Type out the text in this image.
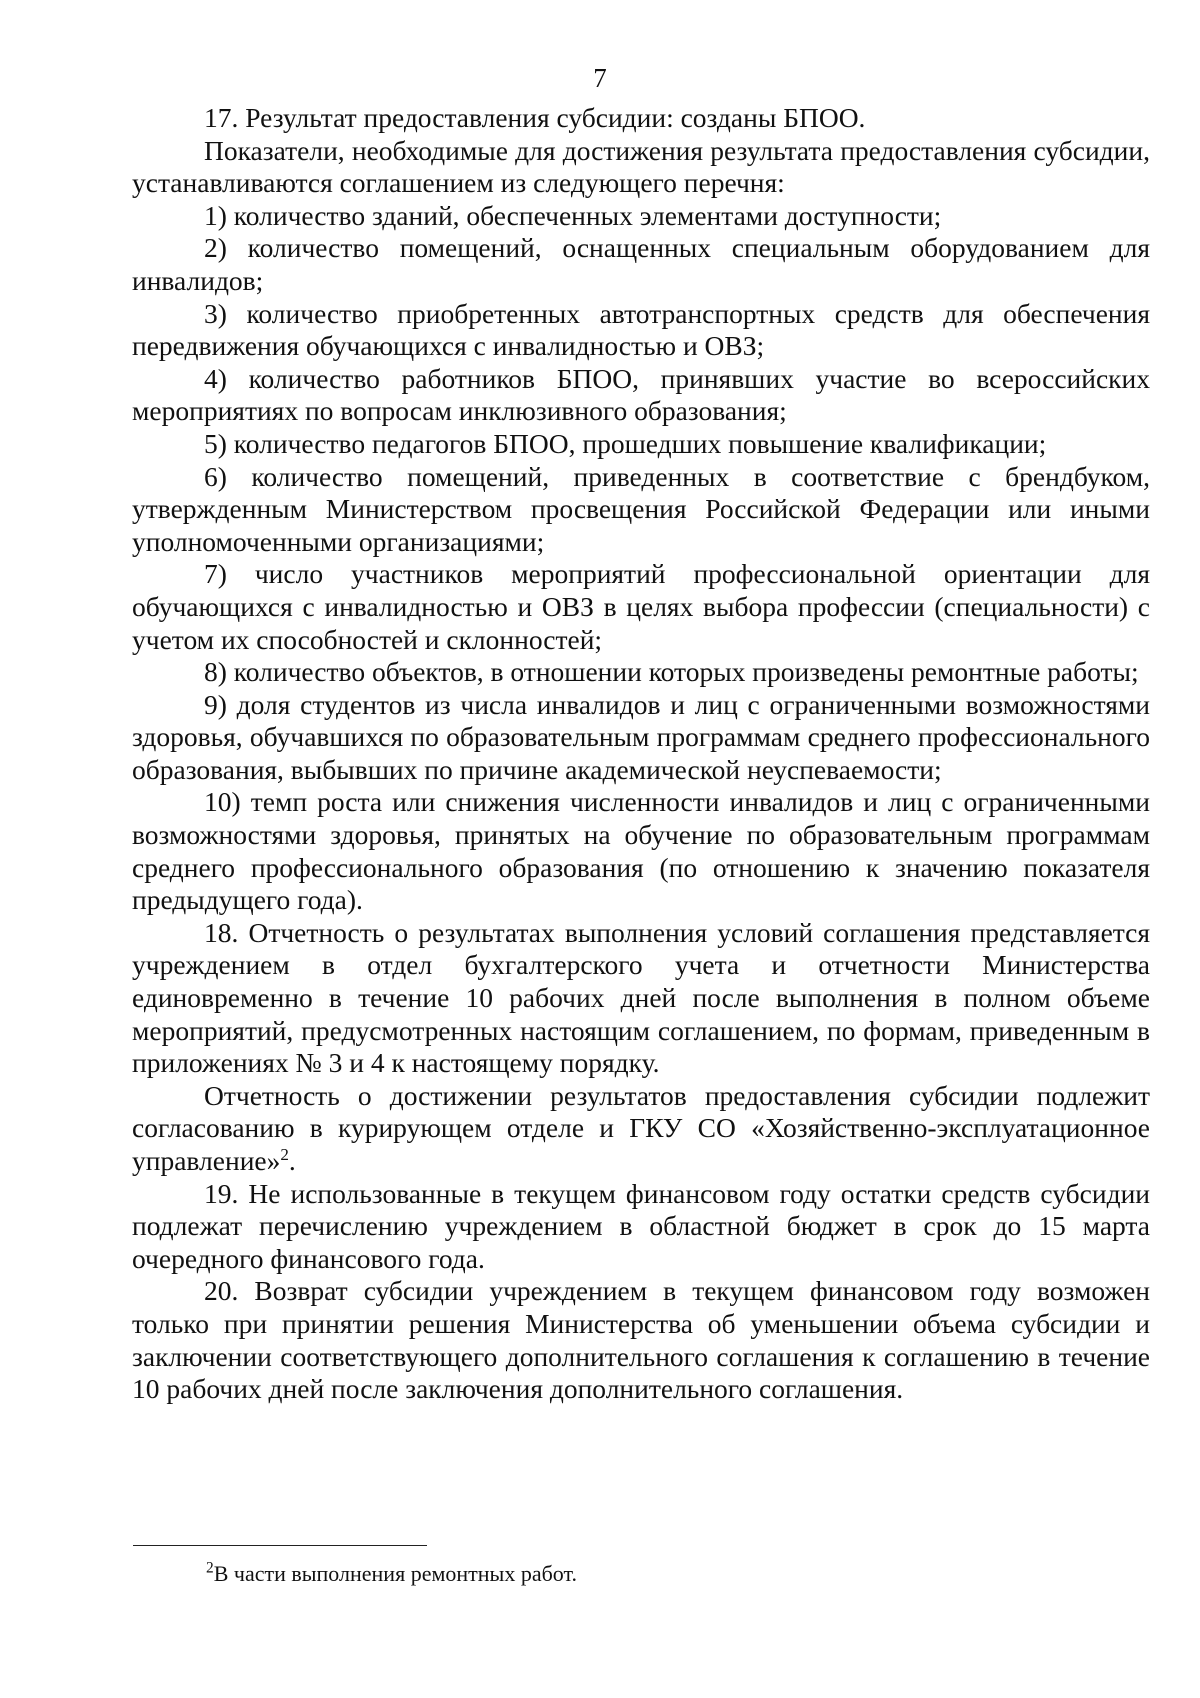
7

17. Результат предоставления субсидии: созданы БПОО.

Показатели, необходимые для достижения результата предоставления субсидии, устанавливаются соглашением из следующего перечня:

1) количество зданий, обеспеченных элементами доступности;

2) количество помещений, оснащенных специальным оборудованием для инвалидов;

3) количество приобретенных автотранспортных средств для обеспечения передвижения обучающихся с инвалидностью и ОВЗ;

4) количество работников БПОО, принявших участие во всероссийских мероприятиях по вопросам инклюзивного образования;

5) количество педагогов БПОО, прошедших повышение квалификации;

6) количество помещений, приведенных в соответствие с брендбуком, утвержденным Министерством просвещения Российской Федерации или иными уполномоченными организациями;

7) число участников мероприятий профессиональной ориентации для обучающихся с инвалидностью и ОВЗ в целях выбора профессии (специальности) с учетом их способностей и склонностей;

8) количество объектов, в отношении которых произведены ремонтные работы;

9) доля студентов из числа инвалидов и лиц с ограниченными возможностями здоровья, обучавшихся по образовательным программам среднего профессионального образования, выбывших по причине академической неуспеваемости;

10) темп роста или снижения численности инвалидов и лиц с ограниченными возможностями здоровья, принятых на обучение по образовательным программам среднего профессионального образования (по отношению к значению показателя предыдущего года).

18. Отчетность о результатах выполнения условий соглашения представляется учреждением в отдел бухгалтерского учета и отчетности Министерства единовременно в течение 10 рабочих дней после выполнения в полном объеме мероприятий, предусмотренных настоящим соглашением, по формам, приведенным в приложениях № 3 и 4 к настоящему порядку.

Отчетность о достижении результатов предоставления субсидии подлежит согласованию в курирующем отделе и ГКУ СО «Хозяйственно-эксплуатационное управление»$^2$.

19. Не использованные в текущем финансовом году остатки средств субсидии подлежат перечислению учреждением в областной бюджет в срок до 15 марта очередного финансового года.

20. Возврат субсидии учреждением в текущем финансовом году возможен только при принятии решения Министерства об уменьшении объема субсидии и заключении соответствующего дополнительного соглашения к соглашению в течение 10 рабочих дней после заключения дополнительного соглашения.

$^2$В части выполнения ремонтных работ.
